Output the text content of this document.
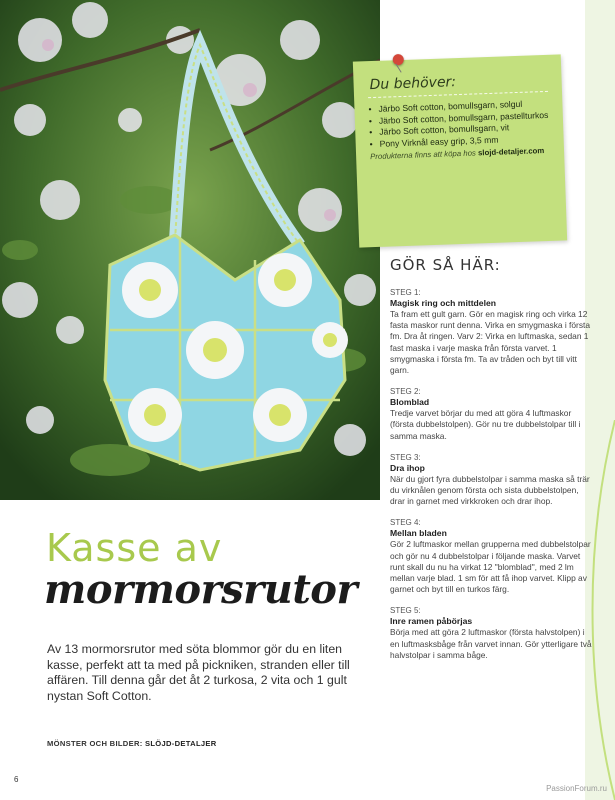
Du behöver:
• Järbo Soft cotton, bomullsgarn, solgul
• Järbo Soft cotton, bomullsgarn, pastellturkos
• Järbo Soft cotton, bomullsgarn, vit
• Pony Virknål easy grip, 3,5 mm
Produkterna finns att köpa hos slojd-detaljer.com
GÖR SÅ HÄR:
STEG 1:
Magisk ring och mittdelen
Ta fram ett gult garn. Gör en magisk ring och virka 12 fasta maskor runt denna. Virka en smygmaska i första fm. Dra åt ringen. Varv 2: Virka en luftmaska, sedan 1 fast maska i varje maska från första varvet. 1 smygmaska i första fm. Ta av tråden och byt till vitt garn.
STEG 2:
Blomblad
Tredje varvet börjar du med att göra 4 luftmaskor (första dubbelstolpen). Gör nu tre dubbelstolpar till i samma maska.
STEG 3:
Dra ihop
När du gjort fyra dubbelstolpar i samma maska så trär du virknålen genom första och sista dubbelstolpen, drar in garnet med virkkroken och drar ihop.
STEG 4:
Mellan bladen
Gör 2 luftmaskor mellan grupperna med dubbelstolpar och gör nu 4 dubbelstolpar i följande maska. Varvet runt skall du nu ha virkat 12 "blomblad", med 2 lm mellan varje blad. 1 sm för att få ihop varvet. Klipp av garnet och byt till en turkos färg.
STEG 5:
Inre ramen påbörjas
Börja med att göra 2 luftmaskor (första halvstolpen) i en luftmasksbåge från varvet innan. Gör ytterligare två halvstolpar i samma båge.
Kasse av
mormorsrutor
Av 13 mormorsrutor med söta blommor gör du en liten kasse, perfekt att ta med på pickniken, stranden eller till affären. Till denna går det åt 2 turkosa, 2 vita och 1 gult nystan Soft Cotton.
MÖNSTER OCH BILDER: SLÖJD-DETALJER
6
PassionForum.ru
